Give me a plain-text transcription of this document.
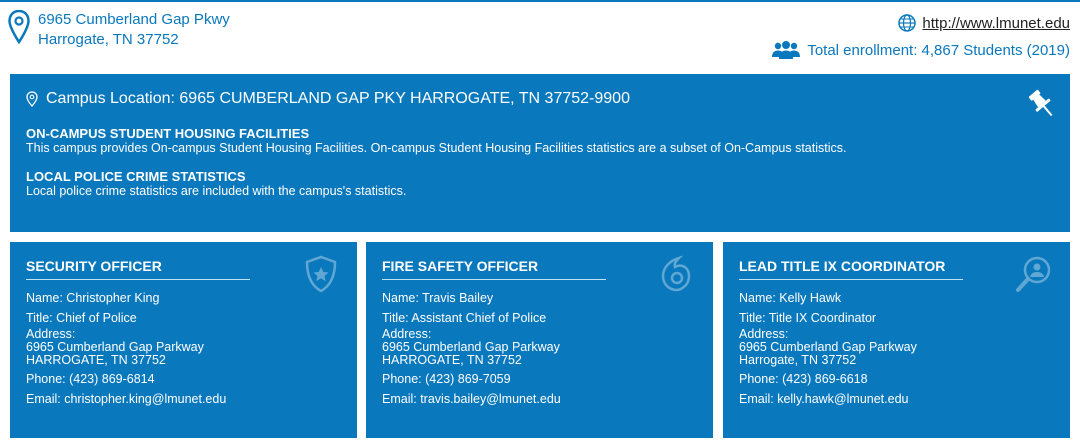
6965 Cumberland Gap Pkwy
Harrogate, TN 37752
http://www.lmunet.edu
Total enrollment: 4,867 Students (2019)
Campus Location: 6965 CUMBERLAND GAP PKY HARROGATE, TN 37752-9900
ON-CAMPUS STUDENT HOUSING FACILITIES
This campus provides On-campus Student Housing Facilities. On-campus Student Housing Facilities statistics are a subset of On-Campus statistics.
LOCAL POLICE CRIME STATISTICS
Local police crime statistics are included with the campus's statistics.
SECURITY OFFICER
Name: Christopher King
Title: Chief of Police
Address:
6965 Cumberland Gap Parkway
HARROGATE, TN 37752
Phone: (423) 869-6814
Email: christopher.king@lmunet.edu
FIRE SAFETY OFFICER
Name: Travis Bailey
Title: Assistant Chief of Police
Address:
6965 Cumberland Gap Parkway
HARROGATE, TN 37752
Phone: (423) 869-7059
Email: travis.bailey@lmunet.edu
LEAD TITLE IX COORDINATOR
Name: Kelly Hawk
Title: Title IX Coordinator
Address:
6965 Cumberland Gap Parkway
Harrogate, TN 37752
Phone: (423) 869-6618
Email: kelly.hawk@lmunet.edu
